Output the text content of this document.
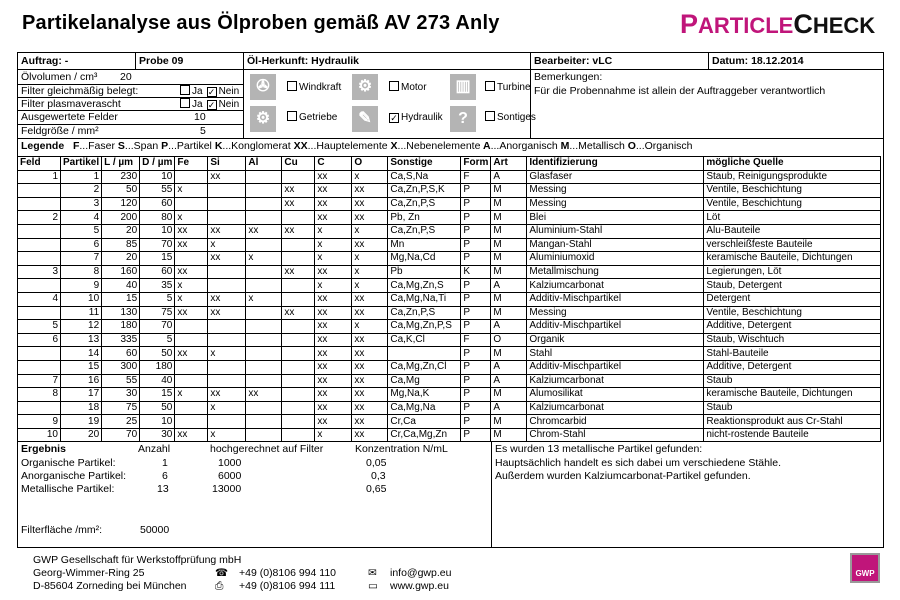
Partikelanalyse aus Ölproben gemäß AV 273 Anly	PARTICLECHECK
Auftrag: -	Probe 09	Öl-Herkunft: Hydraulik	Bearbeiter: vLC	Datum: 18.12.2014
Ölvolumen / cm³ 20
Filter gleichmäßig belegt:	Ja ✓ Nein
Filter plasmaverascht	Ja ✓ Nein
Ausgewertete Felder	10
Feldgröße / mm²	5
✇	Windkraft	⚙	Motor	▥	Turbine
⚙	Getriebe	✎	✓ Hydraulik ?	Sontiges
Bemerkungen:
Für die Probennahme ist allein der Auftraggeber verantwortlich
Legende F...Faser S...Span P...Partikel K...Konglomerat XX...Hauptelemente X...Nebenelemente A...Anorganisch M...Metallisch O...Organisch
Feld	Partikel	L / µm	D / µm	Fe	Si	Al	Cu	C	O	Sonstige	Form	Art	Identifizierung	mögliche Quelle
1	1	230	10		xx			xx	x	Ca,S,Na	F	A	Glasfaser	Staub, Reinigungsprodukte
	2	50	55	x			xx	xx	xx	Ca,Zn,P,S,K	P	M	Messing	Ventile, Beschichtung
	3	120	60				xx	xx	xx	Ca,Zn,P,S	P	M	Messing	Ventile, Beschichtung
2	4	200	80	x				xx	xx	Pb, Zn	P	M	Blei	Löt
	5	20	10	xx	xx	xx	xx	x	x	Ca,Zn,P,S	P	M	Aluminium-Stahl	Alu-Bauteile
	6	85	70	xx	x			x	xx	Mn	P	M	Mangan-Stahl	verschleißfeste Bauteile
	7	20	15		xx	x		x	x	Mg,Na,Cd	P	M	Aluminiumoxid	keramische Bauteile, Dichtungen
3	8	160	60	xx			xx	xx	x	Pb	K	M	Metallmischung	Legierungen, Löt
	9	40	35	x				x	x	Ca,Mg,Zn,S	P	A	Kalziumcarbonat	Staub, Detergent
4	10	15	5	x	xx	x		xx	xx	Ca,Mg,Na,Ti	P	M	Additiv-Mischpartikel	Detergent
	11	130	75	xx	xx		xx	xx	xx	Ca,Zn,P,S	P	M	Messing	Ventile, Beschichtung
5	12	180	70					xx	x	Ca,Mg,Zn,P,S	P	A	Additiv-Mischpartikel	Additive, Detergent
6	13	335	5					xx	xx	Ca,K,Cl	F	O	Organik	Staub, Wischtuch
	14	60	50	xx	x			xx	xx		P	M	Stahl	Stahl-Bauteile
	15	300	180					xx	xx	Ca,Mg,Zn,Cl	P	A	Additiv-Mischpartikel	Additive, Detergent
7	16	55	40					xx	xx	Ca,Mg	P	A	Kalziumcarbonat	Staub
8	17	30	15	x	xx	xx		xx	xx	Mg,Na,K	P	M	Alumosilikat	keramische Bauteile, Dichtungen
	18	75	50		x			xx	xx	Ca,Mg,Na	P	A	Kalziumcarbonat	Staub
9	19	25	10					xx	xx	Cr,Ca	P	M	Chromcarbid	Reaktionsprodukt aus Cr-Stahl
10	20	70	30	xx	x			x	xx	Cr,Ca,Mg,Zn	P	M	Chrom-Stahl	nicht-rostende Bauteile
Ergebnis	Anzahl	hochgerechnet auf Filter	Konzentration N/mL
Organische Partikel:	1	1000	0,05
Anorganische Partikel:	6	6000	0,3
Metallische Partikel:	13	13000	0,65
Filterfläche /mm²:	50000
Es wurden 13 metallische Partikel gefunden:
Hauptsächlich handelt es sich dabei um verschiedene Stähle.
Außerdem wurden Kalziumcarbonat-Partikel gefunden.
GWP Gesellschaft für Werkstoffprüfung mbH
Georg-Wimmer-Ring 25
D-85604 Zorneding bei München
☎ +49 (0)8106 994 110
⎙ +49 (0)8106 994 111
✉ info@gwp.eu
▭ www.gwp.eu
GWP
